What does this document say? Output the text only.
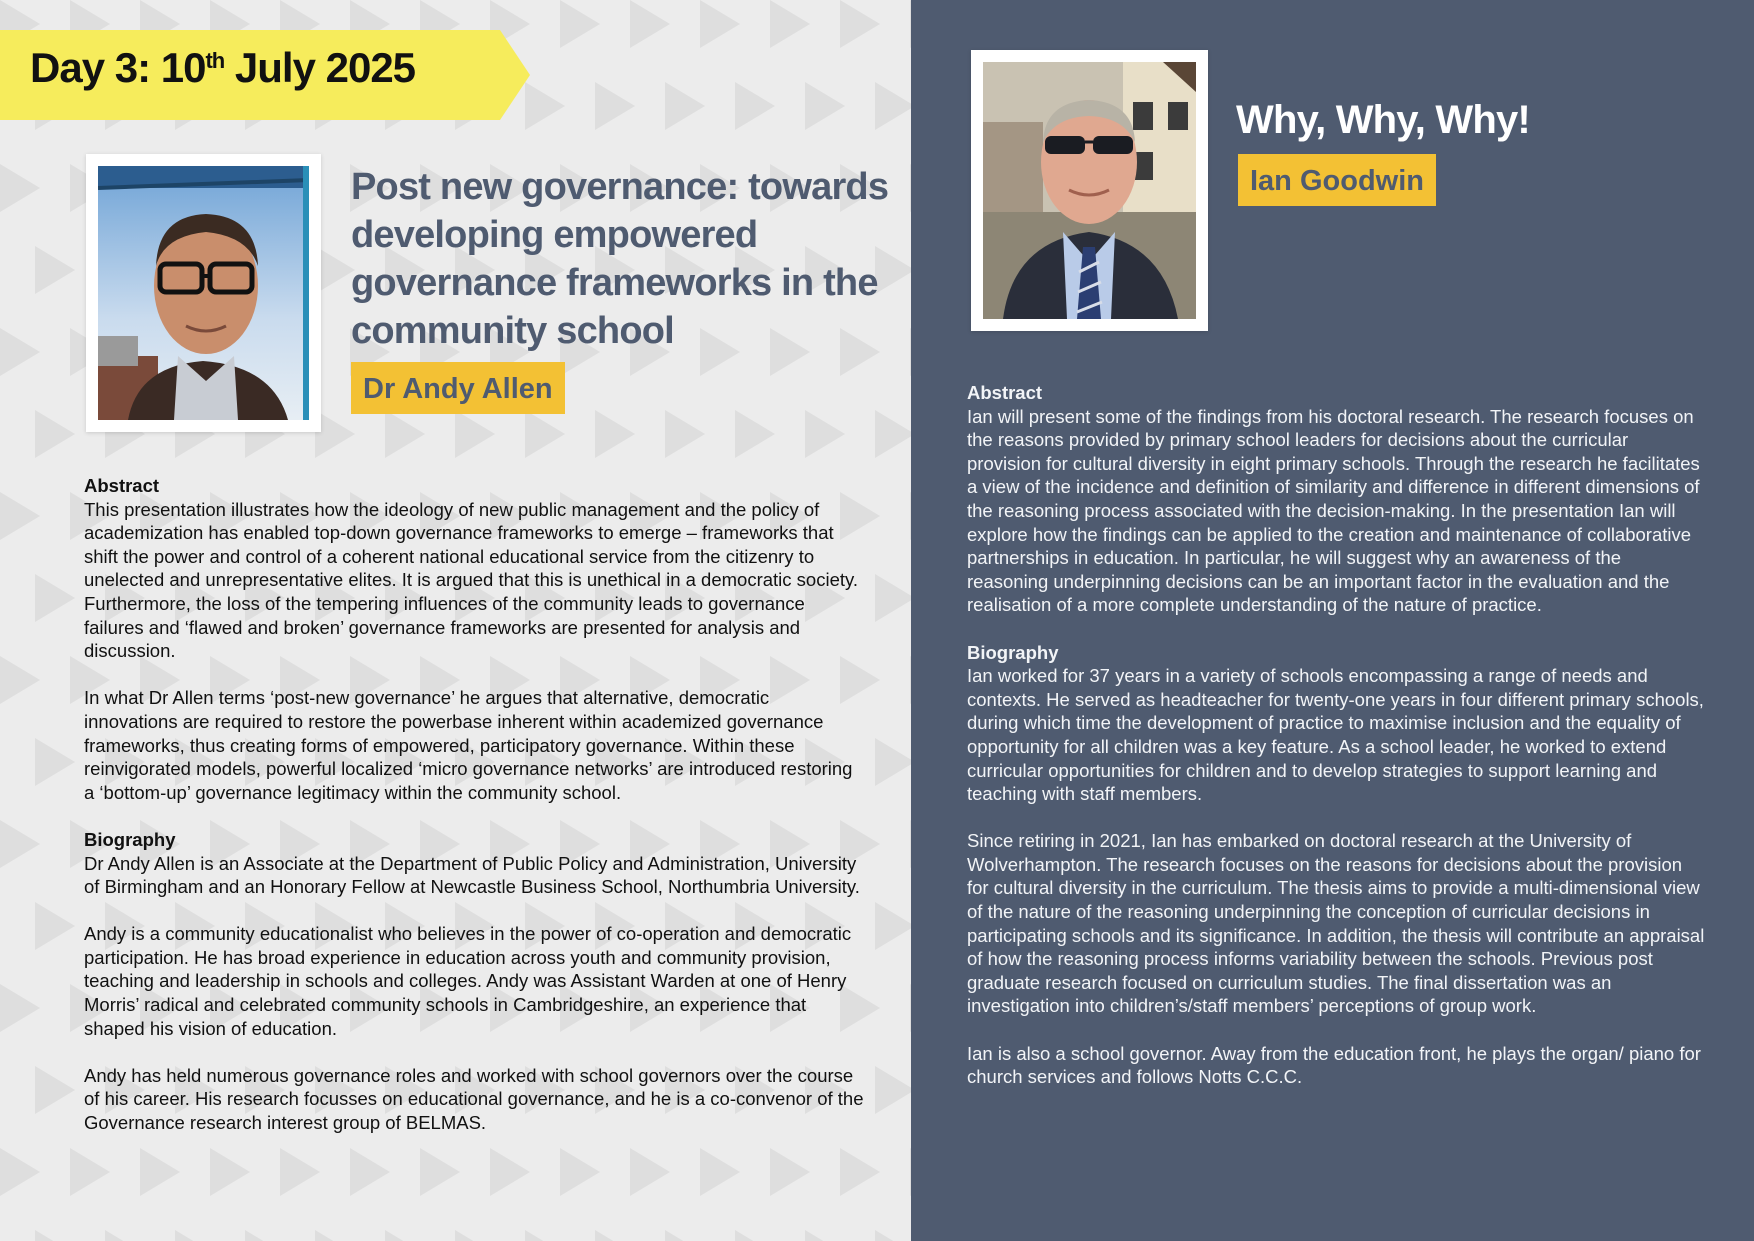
Day 3: 10th July 2025
Post new governance: towards developing empowered governance frameworks in the community school
Dr Andy Allen
Abstract

This presentation illustrates how the ideology of new public management and the policy of academization has enabled top-down governance frameworks to emerge – frameworks that shift the power and control of a coherent national educational service from the citizenry to unelected and unrepresentative elites. It is argued that this is unethical in a democratic society. Furthermore, the loss of the tempering influences of the community leads to governance failures and ‘flawed and broken’ governance frameworks are presented for analysis and discussion.

In what Dr Allen terms ‘post-new governance’ he argues that alternative, democratic innovations are required to restore the powerbase inherent within academized governance frameworks, thus creating forms of empowered, participatory governance. Within these reinvigorated models, powerful localized ‘micro governance networks’ are introduced restoring a ‘bottom-up’ governance legitimacy within the community school.

Biography

Dr Andy Allen is an Associate at the Department of Public Policy and Administration, University of Birmingham and an Honorary Fellow at Newcastle Business School, Northumbria University.

Andy is a community educationalist who believes in the power of co-operation and democratic participation. He has broad experience in education across youth and community provision, teaching and leadership in schools and colleges. Andy was Assistant Warden at one of Henry Morris’ radical and celebrated community schools in Cambridgeshire, an experience that shaped his vision of education.

Andy has held numerous governance roles and worked with school governors over the course of his career. His research focusses on educational governance, and he is a co-convenor of the Governance research interest group of BELMAS.

Why, Why, Why!
Ian Goodwin
Abstract

Ian will present some of the findings from his doctoral research. The research focuses on the reasons provided by primary school leaders for decisions about the curricular provision for cultural diversity in eight primary schools. Through the research he facilitates a view of the incidence and definition of similarity and difference in different dimensions of the reasoning process associated with the decision-making. In the presentation Ian will explore how the findings can be applied to the creation and maintenance of collaborative partnerships in education. In particular, he will suggest why an awareness of the reasoning underpinning decisions can be an important factor in the evaluation and the realisation of a more complete understanding of the nature of practice.

Biography

Ian worked for 37 years in a variety of schools encompassing a range of needs and contexts. He served as headteacher for twenty-one years in four different primary schools, during which time the development of practice to maximise inclusion and the equality of opportunity for all children was a key feature. As a school leader, he worked to extend curricular opportunities for children and to develop strategies to support learning and teaching with staff members.

Since retiring in 2021, Ian has embarked on doctoral research at the University of Wolverhampton. The research focuses on the reasons for decisions about the provision for cultural diversity in the curriculum. The thesis aims to provide a multi-dimensional view of the nature of the reasoning underpinning the conception of curricular decisions in participating schools and its significance. In addition, the thesis will contribute an appraisal of how the reasoning process informs variability between the schools. Previous post graduate research focused on curriculum studies. The final dissertation was an investigation into children’s/staff members’ perceptions of group work.

Ian is also a school governor. Away from the education front, he plays the organ/ piano for church services and follows Notts C.C.C.
